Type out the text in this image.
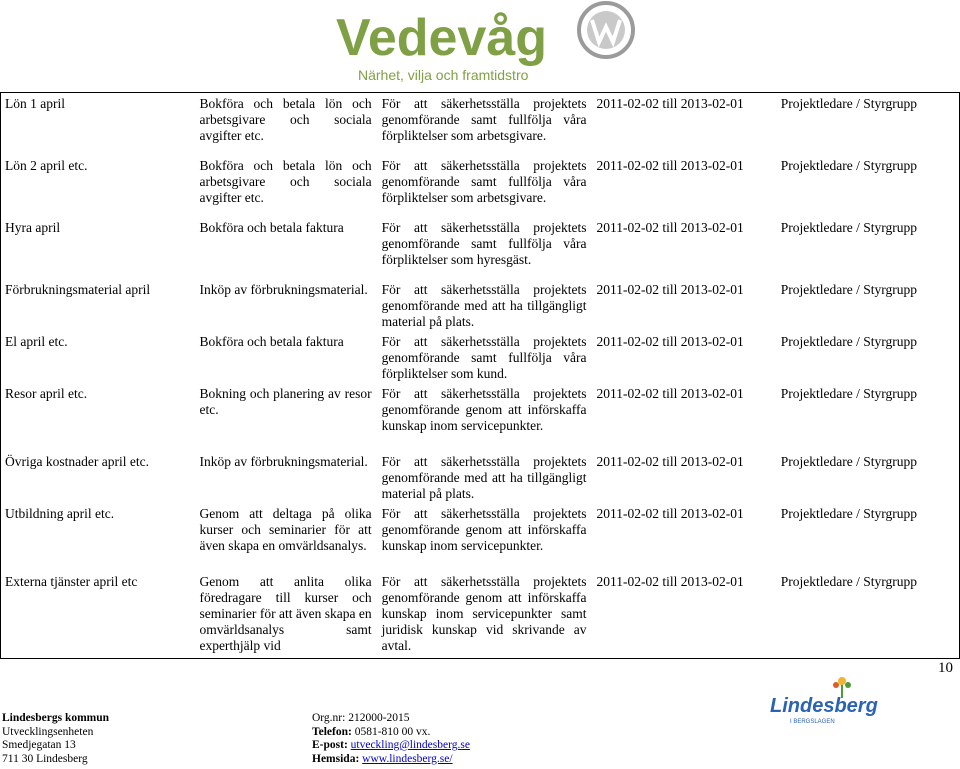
Vedevåg
Närhet, vilja och framtidstro
Lön 1 april	Bokföra och betala lön och arbetsgivare och sociala avgifter etc.	För att säkerhetsställa projektets genomförande samt fullfölja våra förpliktelser som arbetsgivare.	2011-02-02 till 2013-02-01	Projektledare / Styrgrupp
Lön 2 april etc.	Bokföra och betala lön och arbetsgivare och sociala avgifter etc.	För att säkerhetsställa projektets genomförande samt fullfölja våra förpliktelser som arbetsgivare.	2011-02-02 till 2013-02-01	Projektledare / Styrgrupp
Hyra april	Bokföra och betala faktura	För att säkerhetsställa projektets genomförande samt fullfölja våra förpliktelser som hyresgäst.	2011-02-02 till 2013-02-01	Projektledare / Styrgrupp
Förbrukningsmaterial april	Inköp av förbrukningsmaterial.	För att säkerhetsställa projektets genomförande med att ha tillgängligt material på plats.	2011-02-02 till 2013-02-01	Projektledare / Styrgrupp
El april etc.	Bokföra och betala faktura	För att säkerhetsställa projektets genomförande samt fullfölja våra förpliktelser som kund.	2011-02-02 till 2013-02-01	Projektledare / Styrgrupp
Resor april etc.	Bokning och planering av resor etc.	För att säkerhetsställa projektets genomförande genom att införskaffa kunskap inom servicepunkter.	2011-02-02 till 2013-02-01	Projektledare / Styrgrupp
Övriga kostnader april etc.	Inköp av förbrukningsmaterial.	För att säkerhetsställa projektets genomförande med att ha tillgängligt material på plats.	2011-02-02 till 2013-02-01	Projektledare / Styrgrupp
Utbildning april etc.	Genom att deltaga på olika kurser och seminarier för att även skapa en omvärldsanalys.	För att säkerhetsställa projektets genomförande genom att införskaffa kunskap inom servicepunkter.	2011-02-02 till 2013-02-01	Projektledare / Styrgrupp
Externa tjänster april etc	Genom att anlita olika föredragare till kurser och seminarier för att även skapa en omvärldsanalys samt experthjälp vid	För att säkerhetsställa projektets genomförande genom att införskaffa kunskap inom servicepunkter samt juridisk kunskap vid skrivande av avtal.	2011-02-02 till 2013-02-01	Projektledare / Styrgrupp
10
Lindesbergs kommun
Utvecklingsenheten
Smedjegatan 13
711 30 Lindesberg
Org.nr: 212000-2015
Telefon: 0581-810 00 vx.
E-post: utveckling@lindesberg.se
Hemsida: www.lindesberg.se/
Lindesberg
I BERGSLAGEN
